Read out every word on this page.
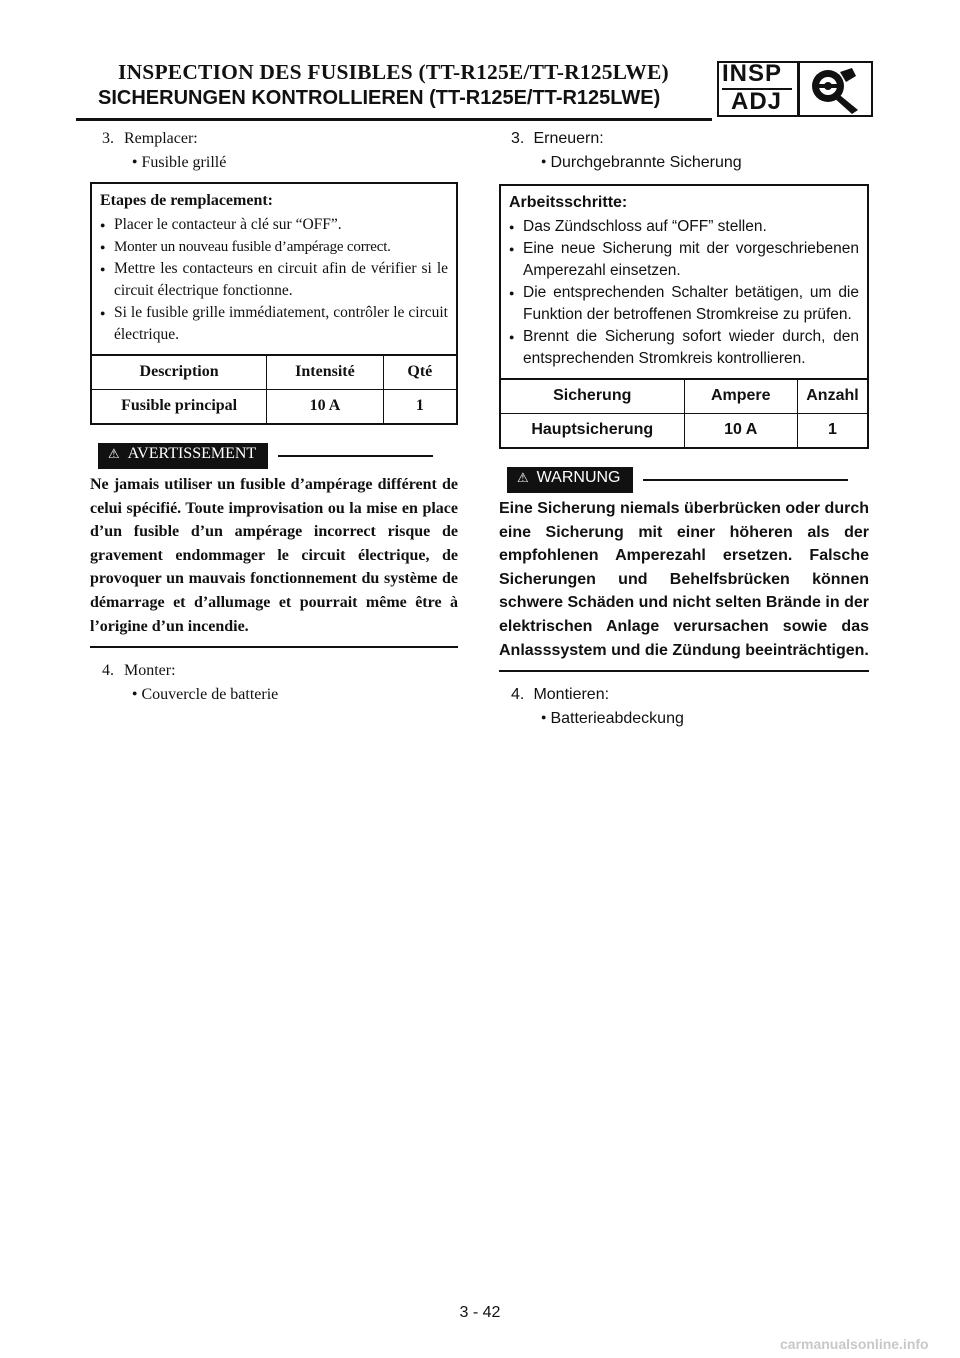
INSPECTION DES FUSIBLES (TT-R125E/TT-R125LWE)
SICHERUNGEN KONTROLLIEREN (TT-R125E/TT-R125LWE)
INSP
ADJ
3. Remplacer:
● Fusible grillé
Etapes de remplacement:
● Placer le contacteur à clé sur “OFF”.
● Monter un nouveau fusible d’ampérage correct.
● Mettre les contacteurs en circuit afin de vérifier si le circuit électrique fonctionne.
● Si le fusible grille immédiatement, contrôler le circuit électrique.
Description	Intensité	Qté
Fusible principal	10 A	1
⚠ AVERTISSEMENT
Ne jamais utiliser un fusible d’ampérage différent de celui spécifié. Toute improvisation ou la mise en place d’un fusible d’un ampérage incorrect risque de gravement endommager le circuit électrique, de provoquer un mauvais fonctionnement du système de démarrage et d’allumage et pourrait même être à l’origine d’un incendie.
4. Monter:
● Couvercle de batterie
3. Erneuern:
● Durchgebrannte Sicherung
Arbeitsschritte:
● Das Zündschloss auf “OFF” stellen.
● Eine neue Sicherung mit der vorgeschriebenen Amperezahl einsetzen.
● Die entsprechenden Schalter betätigen, um die Funktion der betroffenen Stromkreise zu prüfen.
● Brennt die Sicherung sofort wieder durch, den entsprechenden Stromkreis kontrollieren.
Sicherung	Ampere	Anzahl
Hauptsicherung	10 A	1
⚠ WARNUNG
Eine Sicherung niemals überbrücken oder durch eine Sicherung mit einer höheren als der empfohlenen Amperezahl ersetzen. Falsche Sicherungen und Behelfsbrücken können schwere Schäden und nicht selten Brände in der elektrischen Anlage verursachen sowie das Anlasssystem und die Zündung beeinträchtigen.
4. Montieren:
● Batterieabdeckung
3 - 42
carmanualsonline.info
